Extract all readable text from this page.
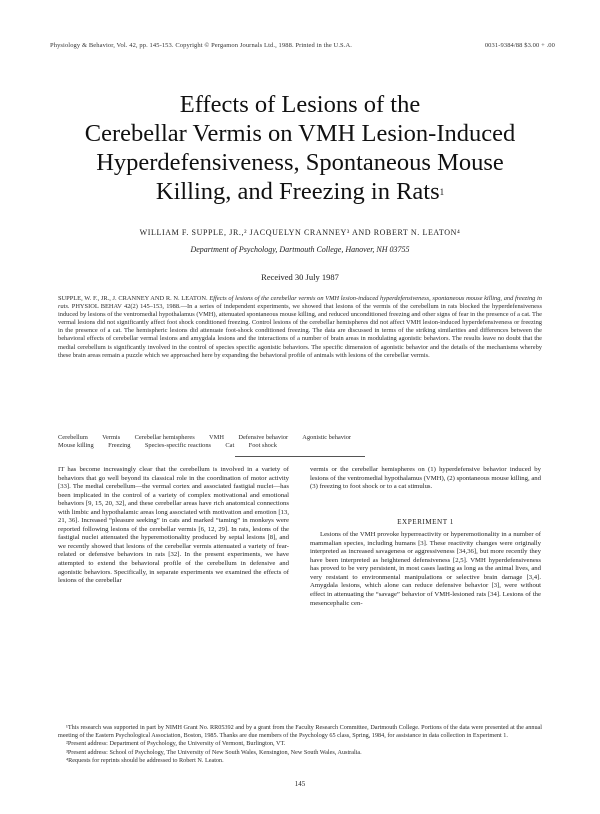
Physiology & Behavior, Vol. 42, pp. 145-153. Copyright © Pergamon Journals Ltd., 1988. Printed in the U.S.A.	0031-9384/88 $3.00 + .00
Effects of Lesions of the
Cerebellar Vermis on VMH Lesion-Induced
Hyperdefensiveness, Spontaneous Mouse
Killing, and Freezing in Rats$^1$
WILLIAM F. SUPPLE, JR.,² JACQUELYN CRANNEY³ AND ROBERT N. LEATON⁴
Department of Psychology, Dartmouth College, Hanover, NH 03755
Received 30 July 1987
SUPPLE, W. F., JR., J. CRANNEY AND R. N. LEATON. Effects of lesions of the cerebellar vermis on VMH lesion-induced hyperdefensiveness, spontaneous mouse killing, and freezing in rats. PHYSIOL BEHAV 42(2) 145–153, 1988.—In a series of independent experiments, we showed that lesions of the vermis of the cerebellum in rats blocked the hyperdefensiveness induced by lesions of the ventromedial hypothalamus (VMH), attenuated spontaneous mouse killing, and reduced unconditioned freezing and other signs of fear in the presence of a cat. The vermal lesions did not significantly affect foot shock conditioned freezing. Control lesions of the cerebellar hemispheres did not affect VMH lesion-induced hyperdefensiveness or freezing in the presence of a cat. The hemispheric lesions did attenuate foot-shock conditioned freezing. The data are discussed in terms of the striking similarities and differences between the behavioral effects of cerebellar vermal lesions and amygdala lesions and the interactions of a number of brain areas in modulating agonistic behaviors. The results leave no doubt that the medial cerebellum is significantly involved in the control of species specific agonistic behaviors. The specific dimension of agonistic behavior and the details of the mechanisms whereby these brain areas remain a puzzle which we approached here by expanding the behavioral profile of animals with lesions of the cerebellar vermis.
Cerebellum Vermis Cerebellar hemispheres VMH Defensive behavior Agonistic behavior
Mouse killing Freezing Species-specific reactions Cat Foot shock

IT has become increasingly clear that the cerebellum is involved in a variety of behaviors that go well beyond its classical role in the coordination of motor activity [33]. The medial cerebellum—the vermal cortex and associated fastigial nuclei—has been implicated in the control of a variety of complex motivational and emotional behaviors [9, 15, 20, 32], and these cerebellar areas have rich anatomical connections with limbic and hypothalamic areas long associated with motivation and emotion [13, 21, 36]. Increased “pleasure seeking” in cats and marked “taming” in monkeys were reported following lesions of the cerebellar vermis [6, 12, 29]. In rats, lesions of the fastigial nuclei attenuated the hyperemotionality produced by septal lesions [8], and we recently showed that lesions of the cerebellar vermis attenuated a variety of fear-related or defensive behaviors in rats [32]. In the present experiments, we have attempted to extend the behavioral profile of the cerebellum in defensive and agonistic behaviors. Specifically, in separate experiments we examined the effects of lesions of the cerebellar

vermis or the cerebellar hemispheres on (1) hyperdefensive behavior induced by lesions of the ventromedial hypothalamus (VMH), (2) spontaneous mouse killing, and (3) freezing to foot shock or to a cat stimulus.

EXPERIMENT 1

Lesions of the VMH provoke hyperreactivity or hyperemotionality in a number of mammalian species, including humans [3]. These reactivity changes were originally interpreted as increased savageness or aggressiveness [34,36], but more recently they have been interpreted as heightened defensiveness [2,5]. VMH hyperdefensiveness has proved to be very persistent, in most cases lasting as long as the animal lives, and very resistant to environmental manipulations or selective brain damage [3,4]. Amygdala lesions, which alone can reduce defensive behavior [3], were without effect in attenuating the “savage” behavior of VMH-lesioned rats [34]. Lesions of the mesencephalic cen-

¹This research was supported in part by NIMH Grant No. RR05392 and by a grant from the Faculty Research Committee, Dartmouth College. Portions of the data were presented at the annual meeting of the Eastern Psychological Association, Boston, 1985. Thanks are due members of the Psychology 65 class, Spring, 1984, for assistance in data collection in Experiment 1.

²Present address: Department of Psychology, the University of Vermont, Burlington, VT.

³Present address: School of Psychology, The University of New South Wales, Kensington, New South Wales, Australia.

⁴Requests for reprints should be addressed to Robert N. Leaton.

145
